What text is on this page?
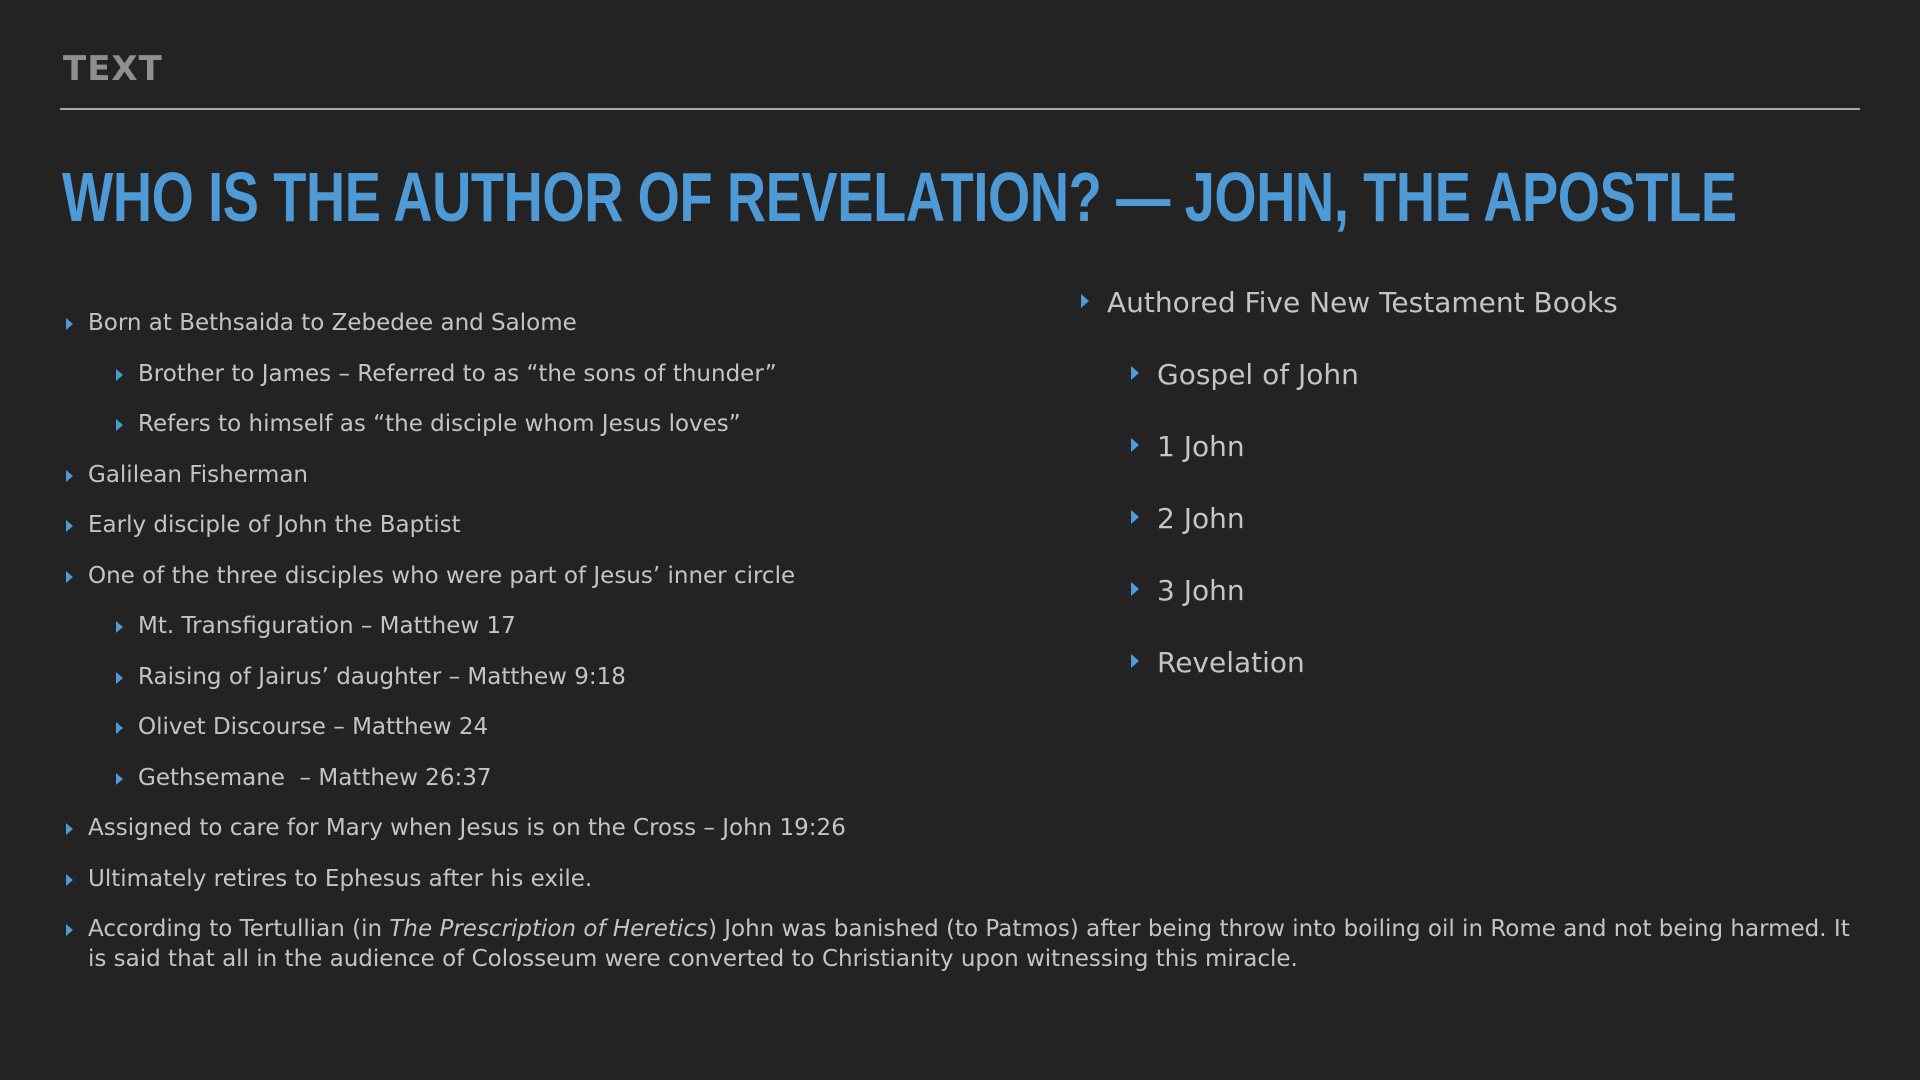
TEXT
WHO IS THE AUTHOR OF REVELATION? — JOHN, THE APOSTLE
Born at Bethsaida to Zebedee and Salome
Brother to James – Referred to as “the sons of thunder”
Refers to himself as “the disciple whom Jesus loves”
Galilean Fisherman
Early disciple of John the Baptist
One of the three disciples who were part of Jesus’ inner circle
Mt. Transfiguration – Matthew 17
Raising of Jairus’ daughter – Matthew 9:18
Olivet Discourse – Matthew 24
Gethsemane  – Matthew 26:37
Assigned to care for Mary when Jesus is on the Cross – John 19:26
Ultimately retires to Ephesus after his exile.
According to Tertullian (in The Prescription of Heretics) John was banished (to Patmos) after being throw into boiling oil in Rome and not being harmed. It is said that all in the audience of Colosseum were converted to Christianity upon witnessing this miracle.
Authored Five New Testament Books
Gospel of John
1 John
2 John
3 John
Revelation
